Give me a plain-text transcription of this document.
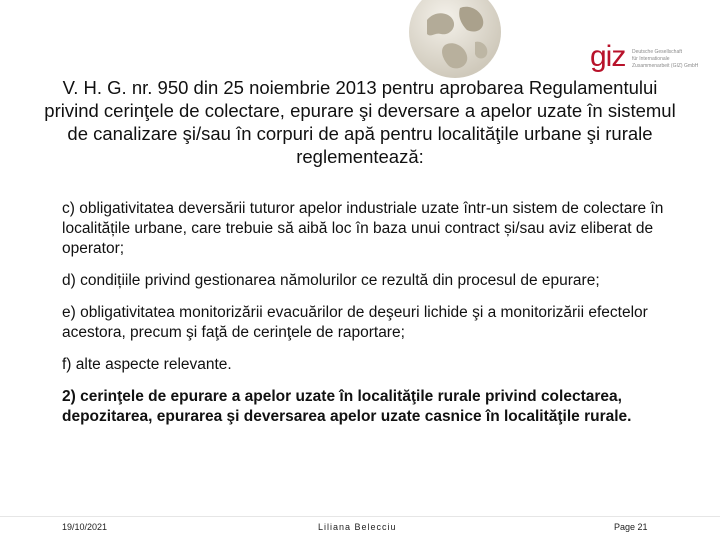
giz Deutsche Gesellschaft
für Internationale
Zusammenarbeit (GIZ) GmbH
V. H. G. nr. 950 din 25 noiembrie 2013 pentru aprobarea Regulamentului privind cerinţele de colectare, epurare şi deversare a apelor uzate în sistemul de canalizare şi/sau în corpuri de apă pentru localităţile urbane şi rurale reglementează:

c) obligativitatea deversării tuturor apelor industriale uzate într-un sistem de colectare în localitățile urbane, care trebuie să aibă loc în baza unui contract și/sau aviz eliberat de operator;

d) condițiile privind gestionarea nămolurilor ce rezultă din procesul de epurare;

e) obligativitatea monitorizării evacuărilor de deşeuri lichide şi a monitorizării efectelor acestora, precum şi faţă de cerinţele de raportare;

f) alte aspecte relevante.

2) cerinţele de epurare a apelor uzate în localităţile rurale privind colectarea, depozitarea, epurarea şi deversarea apelor uzate casnice în localităţile rurale.

19/10/2021	Liliana Belecciu	Page 21
